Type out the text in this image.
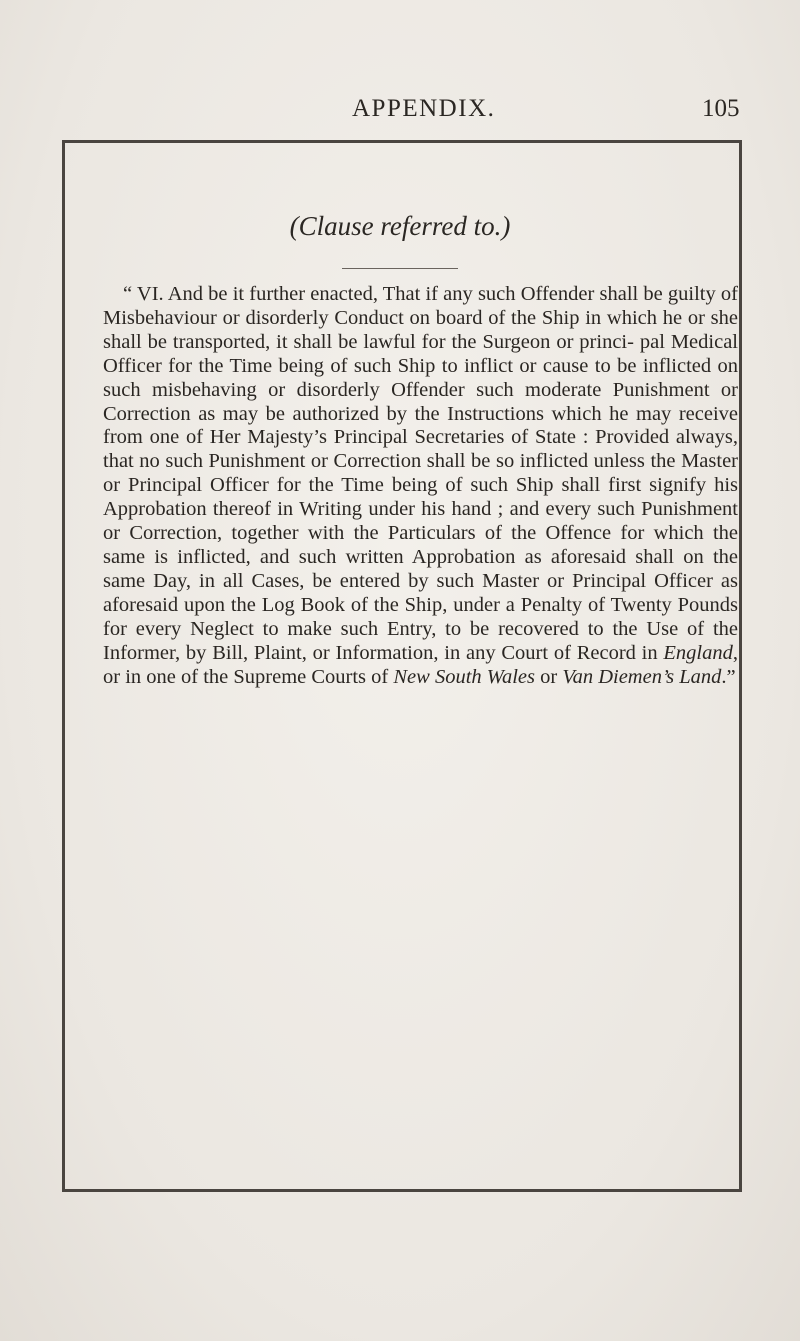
APPENDIX.	105
(Clause referred to.)

“ VI. And be it further enacted, That if any such Offender shall be guilty of Misbehaviour or disorderly Conduct on board of the Ship in which he or she shall be transported, it shall be lawful for the Surgeon or princi- pal Medical Officer for the Time being of such Ship to inflict or cause to be inflicted on such misbehaving or disorderly Offender such moderate Punishment or Correction as may be authorized by the Instructions which he may receive from one of Her Majesty’s Principal Secretaries of State : Provided always, that no such Punishment or Correction shall be so inflicted unless the Master or Principal Officer for the Time being of such Ship shall first signify his Approbation thereof in Writing under his hand ; and every such Punishment or Correction, together with the Particulars of the Offence for which the same is inflicted, and such written Approbation as aforesaid shall on the same Day, in all Cases, be entered by such Master or Principal Officer as aforesaid upon the Log Book of the Ship, under a Penalty of Twenty Pounds for every Neglect to make such Entry, to be recovered to the Use of the Informer, by Bill, Plaint, or Information, in any Court of Record in England, or in one of the Supreme Courts of New South Wales or Van Diemen’s Land.”
